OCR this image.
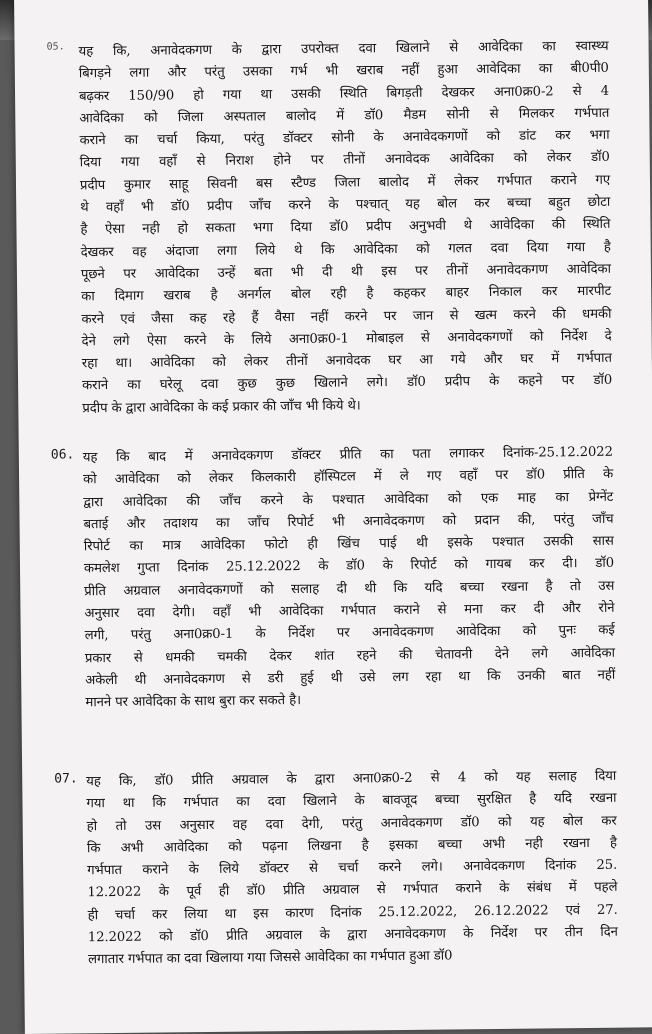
05. यह कि, अनावेदकगण के द्वारा उपरोक्त दवा खिलाने से आवेदिका का स्वास्थ्य
बिगड़ने लगा और परंतु उसका गर्भ भी खराब नहीं हुआ आवेदिका का बी0पी0
बढ़कर 150/90 हो गया था उसकी स्थिति बिगड़ती देखकर अना0क्र0-2 से 4
आवेदिका को जिला अस्पताल बालोद में डॉ0 मैडम सोनी से मिलकर गर्भपात
कराने का चर्चा किया, परंतु डॉक्टर सोनी के अनावेदकगणों को डांट कर भगा
दिया गया वहाँ से निराश होने पर तीनों अनावेदक आवेदिका को लेकर डॉ0
प्रदीप कुमार साहू सिवनी बस स्टैण्ड जिला बालोद में लेकर गर्भपात कराने गए
थे वहाँ भी डॉ0 प्रदीप जाँच करने के पश्चात् यह बोल कर बच्चा बहुत छोटा
है ऐसा नही हो सकता भगा दिया डॉ0 प्रदीप अनुभवी थे आवेदिका की स्थिति
देखकर वह अंदाजा लगा लिये थे कि आवेदिका को गलत दवा दिया गया है
पूछने पर आवेदिका उन्हें बता भी दी थी इस पर तीनों अनावेदकगण आवेदिका
का दिमाग खराब है अनर्गल बोल रही है कहकर बाहर निकाल कर मारपीट
करने एवं जैसा कह रहे हैं वैसा नहीं करने पर जान से खत्म करने की धमकी
देने लगे ऐसा करने के लिये अना0क्र0-1 मोबाइल से अनावेदकगणों को निर्देश दे
रहा था। आवेदिका को लेकर तीनों अनावेदक घर आ गये और घर में गर्भपात
कराने का घरेलू दवा कुछ कुछ खिलाने लगे। डॉ0 प्रदीप के कहने पर डॉ0
प्रदीप के द्वारा आवेदिका के कई प्रकार की जाँच भी किये थे।
06. यह कि बाद में अनावेदकगण डॉक्टर प्रीति का पता लगाकर दिनांक-25.12.2022
को आवेदिका को लेकर किलकारी हॉस्पिटल में ले गए वहाँ पर डॉ0 प्रीति के
द्वारा आवेदिका की जाँच करने के पश्चात आवेदिका को एक माह का प्रेग्नेंट
बताई और तदाशय का जाँच रिपोर्ट भी अनावेदकगण को प्रदान की, परंतु जाँच
रिपोर्ट का मात्र आवेदिका फोटो ही खिंच पाई थी इसके पश्चात उसकी सास
कमलेश गुप्ता दिनांक 25.12.2022 के डॉ0 के रिपोर्ट को गायब कर दी। डॉ0
प्रीति अग्रवाल अनावेदकगणों को सलाह दी थी कि यदि बच्चा रखना है तो उस
अनुसार दवा देगी। वहाँ भी आवेदिका गर्भपात कराने से मना कर दी और रोने
लगी, परंतु अना0क्र0-1 के निर्देश पर अनावेदकगण आवेदिका को पुनः कई
प्रकार से धमकी चमकी देकर शांत रहने की चेतावनी देने लगे आवेदिका
अकेली थी अनावेदकगण से डरी हुई थी उसे लग रहा था कि उनकी बात नहीं
मानने पर आवेदिका के साथ बुरा कर सकते है।
07. यह कि, डॉ0 प्रीति अग्रवाल के द्वारा अना0क्र0-2 से 4 को यह सलाह दिया
गया था कि गर्भपात का दवा खिलाने के बावजूद बच्चा सुरक्षित है यदि रखना
हो तो उस अनुसार वह दवा देगी, परंतु अनावेदकगण डॉ0 को यह बोल कर
कि अभी आवेदिका को पढ़ना लिखना है इसका बच्चा अभी नही रखना है
गर्भपात कराने के लिये डॉक्टर से चर्चा करने लगे। अनावेदकगण दिनांक 25.
12.2022 के पूर्व ही डॉ0 प्रीति अग्रवाल से गर्भपात कराने के संबंध में पहले
ही चर्चा कर लिया था इस कारण दिनांक 25.12.2022, 26.12.2022 एवं 27.
12.2022 को डॉ0 प्रीति अग्रवाल के द्वारा अनावेदकगण के निर्देश पर तीन दिन
लगातार गर्भपात का दवा खिलाया गया जिससे आवेदिका का गर्भपात हुआ डॉ0
